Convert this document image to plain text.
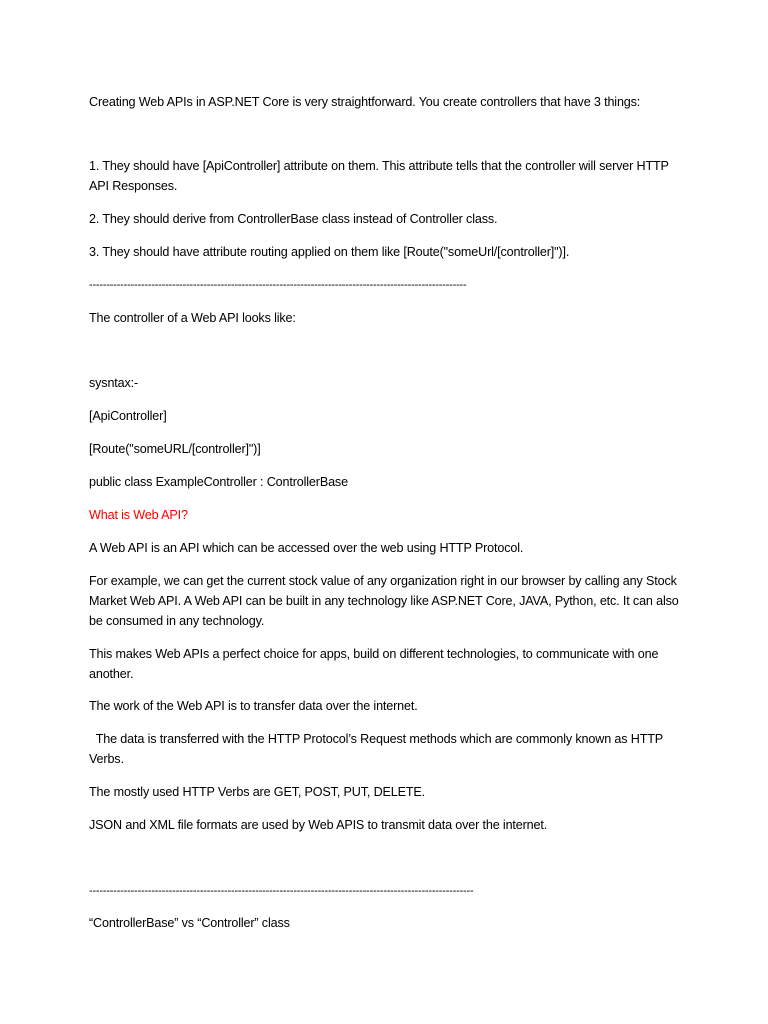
Creating Web APIs in ASP.NET Core is very straightforward. You create controllers that have 3 things:
1. They should have [ApiController] attribute on them. This attribute tells that the controller will server HTTP API Responses.
2. They should derive from ControllerBase class instead of Controller class.
3. They should have attribute routing applied on them like [Route("someUrl/[controller]")].
-------------------------------------------------------------------------------------------------------------
The controller of a Web API looks like:
sysntax:-
[ApiController]
[Route("someURL/[controller]")]
public class ExampleController : ControllerBase
What is Web API?
A Web API is an API which can be accessed over the web using HTTP Protocol.
For example, we can get the current stock value of any organization right in our browser by calling any Stock Market Web API. A Web API can be built in any technology like ASP.NET Core, JAVA, Python, etc. It can also be consumed in any technology.
This makes Web APIs a perfect choice for apps, build on different technologies, to communicate with one another.
The work of the Web API is to transfer data over the internet.
The data is transferred with the HTTP Protocol’s Request methods which are commonly known as HTTP Verbs.
The mostly used HTTP Verbs are GET, POST, PUT, DELETE.
JSON and XML file formats are used by Web APIS to transmit data over the internet.
---------------------------------------------------------------------------------------------------------------
“ControllerBase” vs “Controller” class
